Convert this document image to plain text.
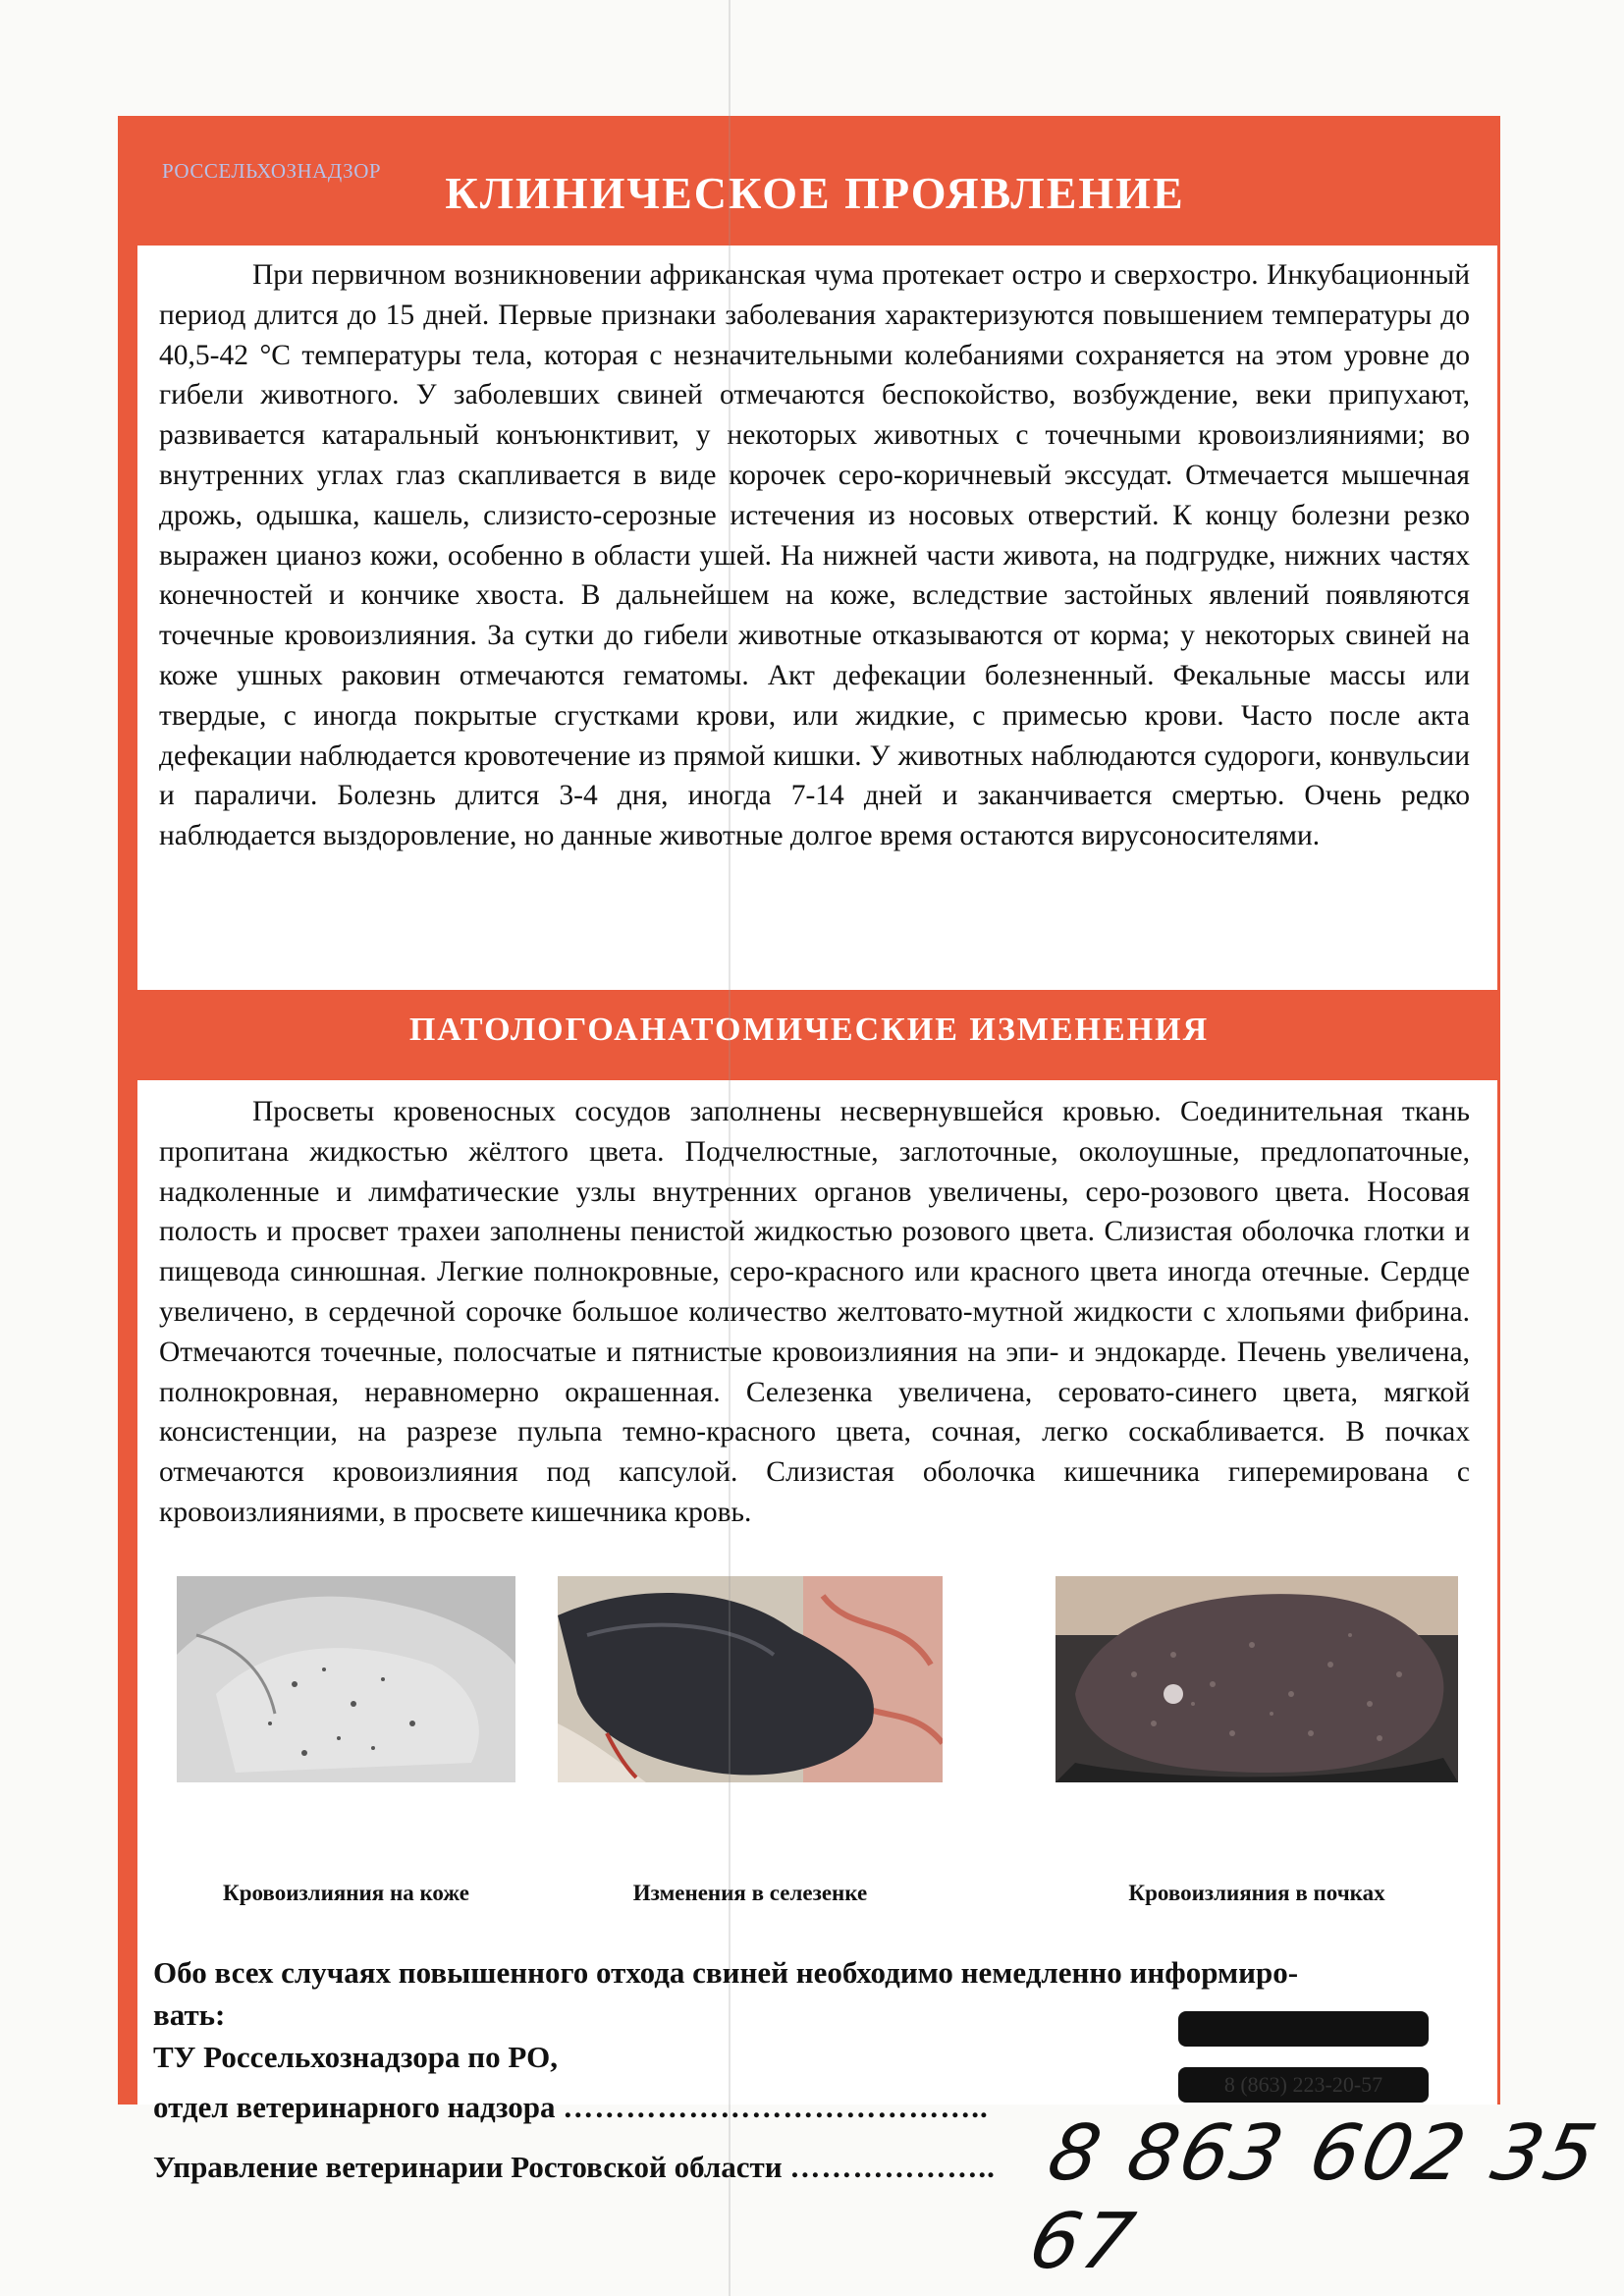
РОССЕЛЬХОЗНАДЗОР	КЛИНИЧЕСКОЕ ПРОЯВЛЕНИЕ

При первичном возникновении африканская чума протекает остро и сверхостро. Инкубационный период длится до 15 дней. Первые признаки заболевания характеризуются повышением температуры до 40,5-42 °С температуры тела, которая с незначительными колебаниями сохраняется на этом уровне до гибели животного. У заболевших свиней отмечаются беспокойство, возбуждение, веки припухают, развивается катаральный конъюнктивит, у некоторых животных с точечными кровоизлияниями; во внутренних углах глаз скапливается в виде корочек серо-коричневый экссудат. Отмечается мышечная дрожь, одышка, кашель, слизисто-серозные истечения из носовых отверстий. К концу болезни резко выражен цианоз кожи, особенно в области ушей. На нижней части живота, на подгрудке, нижних частях конечностей и кончике хвоста. В дальнейшем на коже, вследствие застойных явлений появляются точечные кровоизлияния. За сутки до гибели животные отказываются от корма; у некоторых свиней на коже ушных раковин отмечаются гематомы. Акт дефекации болезненный. Фекальные массы или твердые, с иногда покрытые сгустками крови, или жидкие, с примесью крови. Часто после акта дефекации наблюдается кровотечение из прямой кишки. У животных наблюдаются судороги, конвульсии и параличи. Болезнь длится 3-4 дня, иногда 7-14 дней и заканчивается смертью. Очень редко наблюдается выздоровление, но данные животные долгое время остаются вирусоносителями.

ПАТОЛОГОАНАТОМИЧЕСКИЕ ИЗМЕНЕНИЯ

Просветы кровеносных сосудов заполнены несвернувшейся кровью. Соединительная ткань пропитана жидкостью жёлтого цвета. Подчелюстные, заглоточные, околоушные, предлопаточные, надколенные и лимфатические узлы внутренних органов увеличены, серо-розового цвета. Носовая полость и просвет трахеи заполнены пенистой жидкостью розового цвета. Слизистая оболочка глотки и пищевода синюшная. Легкие полнокровные, серо-красного или красного цвета иногда отечные. Сердце увеличено, в сердечной сорочке большое количество желтовато-мутной жидкости с хлопьями фибрина. Отмечаются точечные, полосчатые и пятнистые кровоизлияния на эпи- и эндокарде. Печень увеличена, полнокровная, неравномерно окрашенная. Селезенка увеличена, серовато-синего цвета, мягкой консистенции, на разрезе пульпа темно-красного цвета, сочная, легко соскабливается. В почках отмечаются кровоизлияния под капсулой. Слизистая оболочка кишечника гиперемирована с кровоизлияниями, в просвете кишечника кровь.

Кровоизлияния на коже	Изменения в селезенке	Кровоизлияния в почках
Обо всех случаях повышенного отхода свиней необходимо немедленно информиро-
вать:
ТУ Россельхознадзора по РО,
отдел ветеринарного надзора …………………………………..
Управление ветеринарии Ростовской области ………………..
8 (863) 223-20-57
8 863 602 35 67
